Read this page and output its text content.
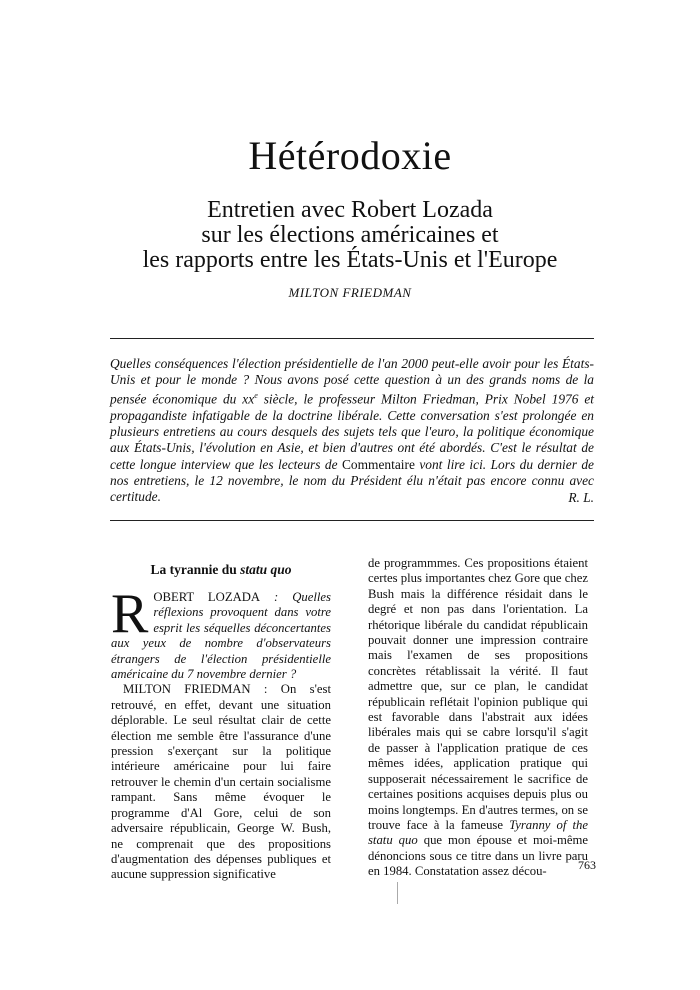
Hétérodoxie
Entretien avec Robert Lozada
sur les élections américaines et
les rapports entre les États-Unis et l'Europe
MILTON FRIEDMAN

Quelles conséquences l'élection présidentielle de l'an 2000 peut-elle avoir pour les États-Unis et pour le monde ? Nous avons posé cette question à un des grands noms de la pensée économique du $xx^e$ siècle, le professeur Milton Friedman, Prix Nobel 1976 et propagandiste infatigable de la doctrine libérale. Cette conversation s'est prolongée en plusieurs entretiens au cours desquels des sujets tels que l'euro, la politique économique aux États-Unis, l'évolution en Asie, et bien d'autres ont été abordés. C'est le résultat de cette longue interview que les lecteurs de Commentaire vont lire ici. Lors du dernier de nos entretiens, le 12 novembre, le nom du Président élu n'était pas encore connu avec certitude.	R. L.
La tyrannie du statu quo

ROBERT LOZADA : Quelles réflexions provoquent dans votre esprit les séquelles déconcertantes aux yeux de nombre d'observateurs étrangers de l'élection présidentielle américaine du 7 novembre dernier ?

MILTON FRIEDMAN : On s'est retrouvé, en effet, devant une situation déplorable. Le seul résultat clair de cette élection me semble être l'assurance d'une pression s'exerçant sur la politique intérieure américaine pour lui faire retrouver le chemin d'un certain socialisme rampant. Sans même évoquer le programme d'Al Gore, celui de son adversaire républicain, George W. Bush, ne comprenait que des propositions d'augmentation des dépenses publiques et aucune suppression significative

de programmmes. Ces propositions étaient certes plus importantes chez Gore que chez Bush mais la différence résidait dans le degré et non pas dans l'orientation. La rhétorique libérale du candidat républicain pouvait donner une impression contraire mais l'examen de ses propositions concrètes rétablissait la vérité. Il faut admettre que, sur ce plan, le candidat républicain reflétait l'opinion publique qui est favorable dans l'abstrait aux idées libérales mais qui se cabre lorsqu'il s'agit de passer à l'application pratique de ces mêmes idées, application pratique qui supposerait nécessairement le sacrifice de certaines positions acquises depuis plus ou moins longtemps. En d'autres termes, on se trouve face à la fameuse Tyranny of the statu quo que mon épouse et moi-même dénoncions sous ce titre dans un livre paru en 1984. Constatation assez décou-	763
